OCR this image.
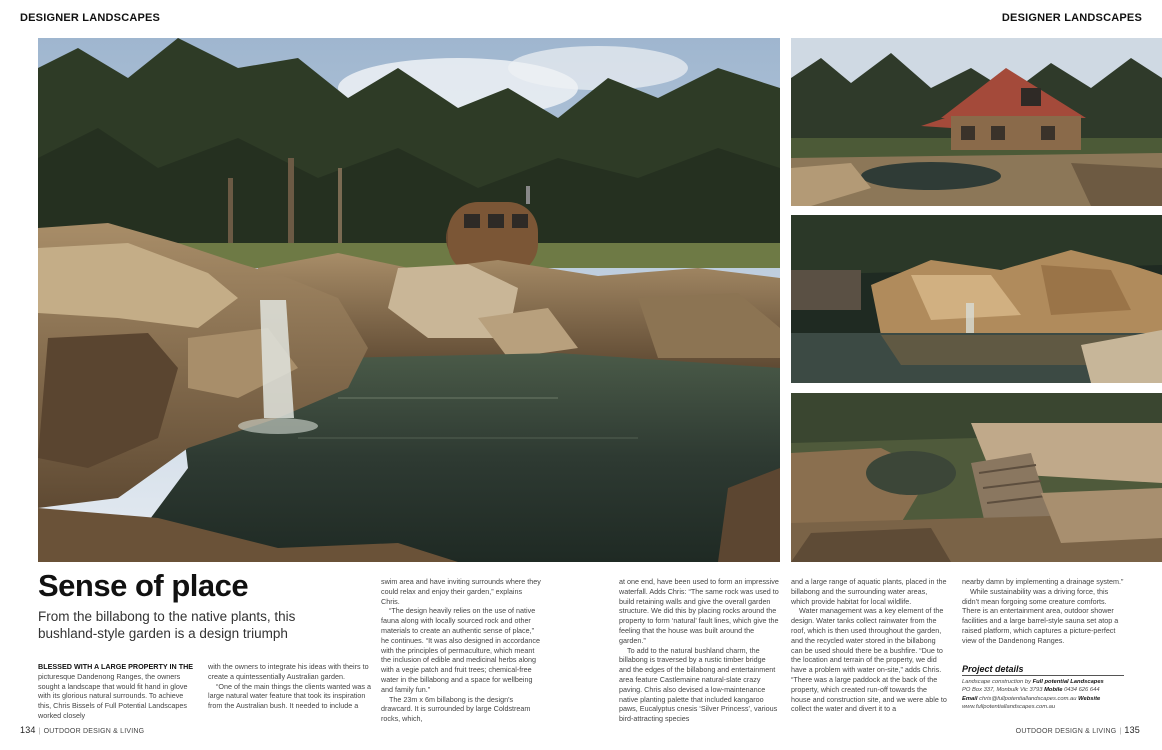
DESIGNER LANDSCAPES	DESIGNER LANDSCAPES
Sense of place

From the billabong to the native plants, this bushland-style garden is a design triumph

BLESSED WITH A LARGE PROPERTY IN THE picturesque Dandenong Ranges, the owners sought a landscape that would fit hand in glove with its glorious natural surrounds. To achieve this, Chris Bissels of Full Potential Landscapes worked closely

with the owners to integrate his ideas with theirs to create a quintessentially Australian garden.

“One of the main things the clients wanted was a large natural water feature that took its inspiration from the Australian bush. It needed to include a

swim area and have inviting surrounds where they could relax and enjoy their garden,” explains Chris.

“The design heavily relies on the use of native fauna along with locally sourced rock and other materials to create an authentic sense of place,” he continues. “It was also designed in accordance with the principles of permaculture, which meant the inclusion of edible and medicinal herbs along with a vegie patch and fruit trees; chemical-free water in the billabong and a space for wellbeing and family fun.”

The 23m x 6m billabong is the design’s drawcard. It is surrounded by large Coldstream rocks, which,

at one end, have been used to form an impressive waterfall. Adds Chris: “The same rock was used to build retaining walls and give the overall garden structure. We did this by placing rocks around the property to form ‘natural’ fault lines, which give the feeling that the house was built around the garden.”

To add to the natural bushland charm, the billabong is traversed by a rustic timber bridge and the edges of the billabong and entertainment area feature Castlemaine natural-slate crazy paving. Chris also devised a low-maintenance native planting palette that included kangaroo paws, Eucalyptus cnesis ‘Silver Princess’, various bird-attracting species

and a large range of aquatic plants, placed in the billabong and the surrounding water areas, which provide habitat for local wildlife.

Water management was a key element of the design. Water tanks collect rainwater from the roof, which is then used throughout the garden, and the recycled water stored in the billabong can be used should there be a bushfire. “Due to the location and terrain of the property, we did have a problem with water on-site,” adds Chris. “There was a large paddock at the back of the property, which created run-off towards the house and construction site, and we were able to collect the water and divert it to a

nearby damn by implementing a drainage system.”

While sustainability was a driving force, this didn’t mean forgoing some creature comforts. There is an entertainment area, outdoor shower facilities and a large barrel-style sauna set atop a raised platform, which captures a picture-perfect view of the Dandenong Ranges.

Project details
Landscape construction by Full potential Landscapes
PO Box 337, Monbulk Vic 3793 Mobile 0434 626 644
Email chris@fullpotentiallandscapes.com.au Website
www.fullpotentiallandscapes.com.au
134 | OUTDOOR DESIGN & LIVING	OUTDOOR DESIGN & LIVING | 135
